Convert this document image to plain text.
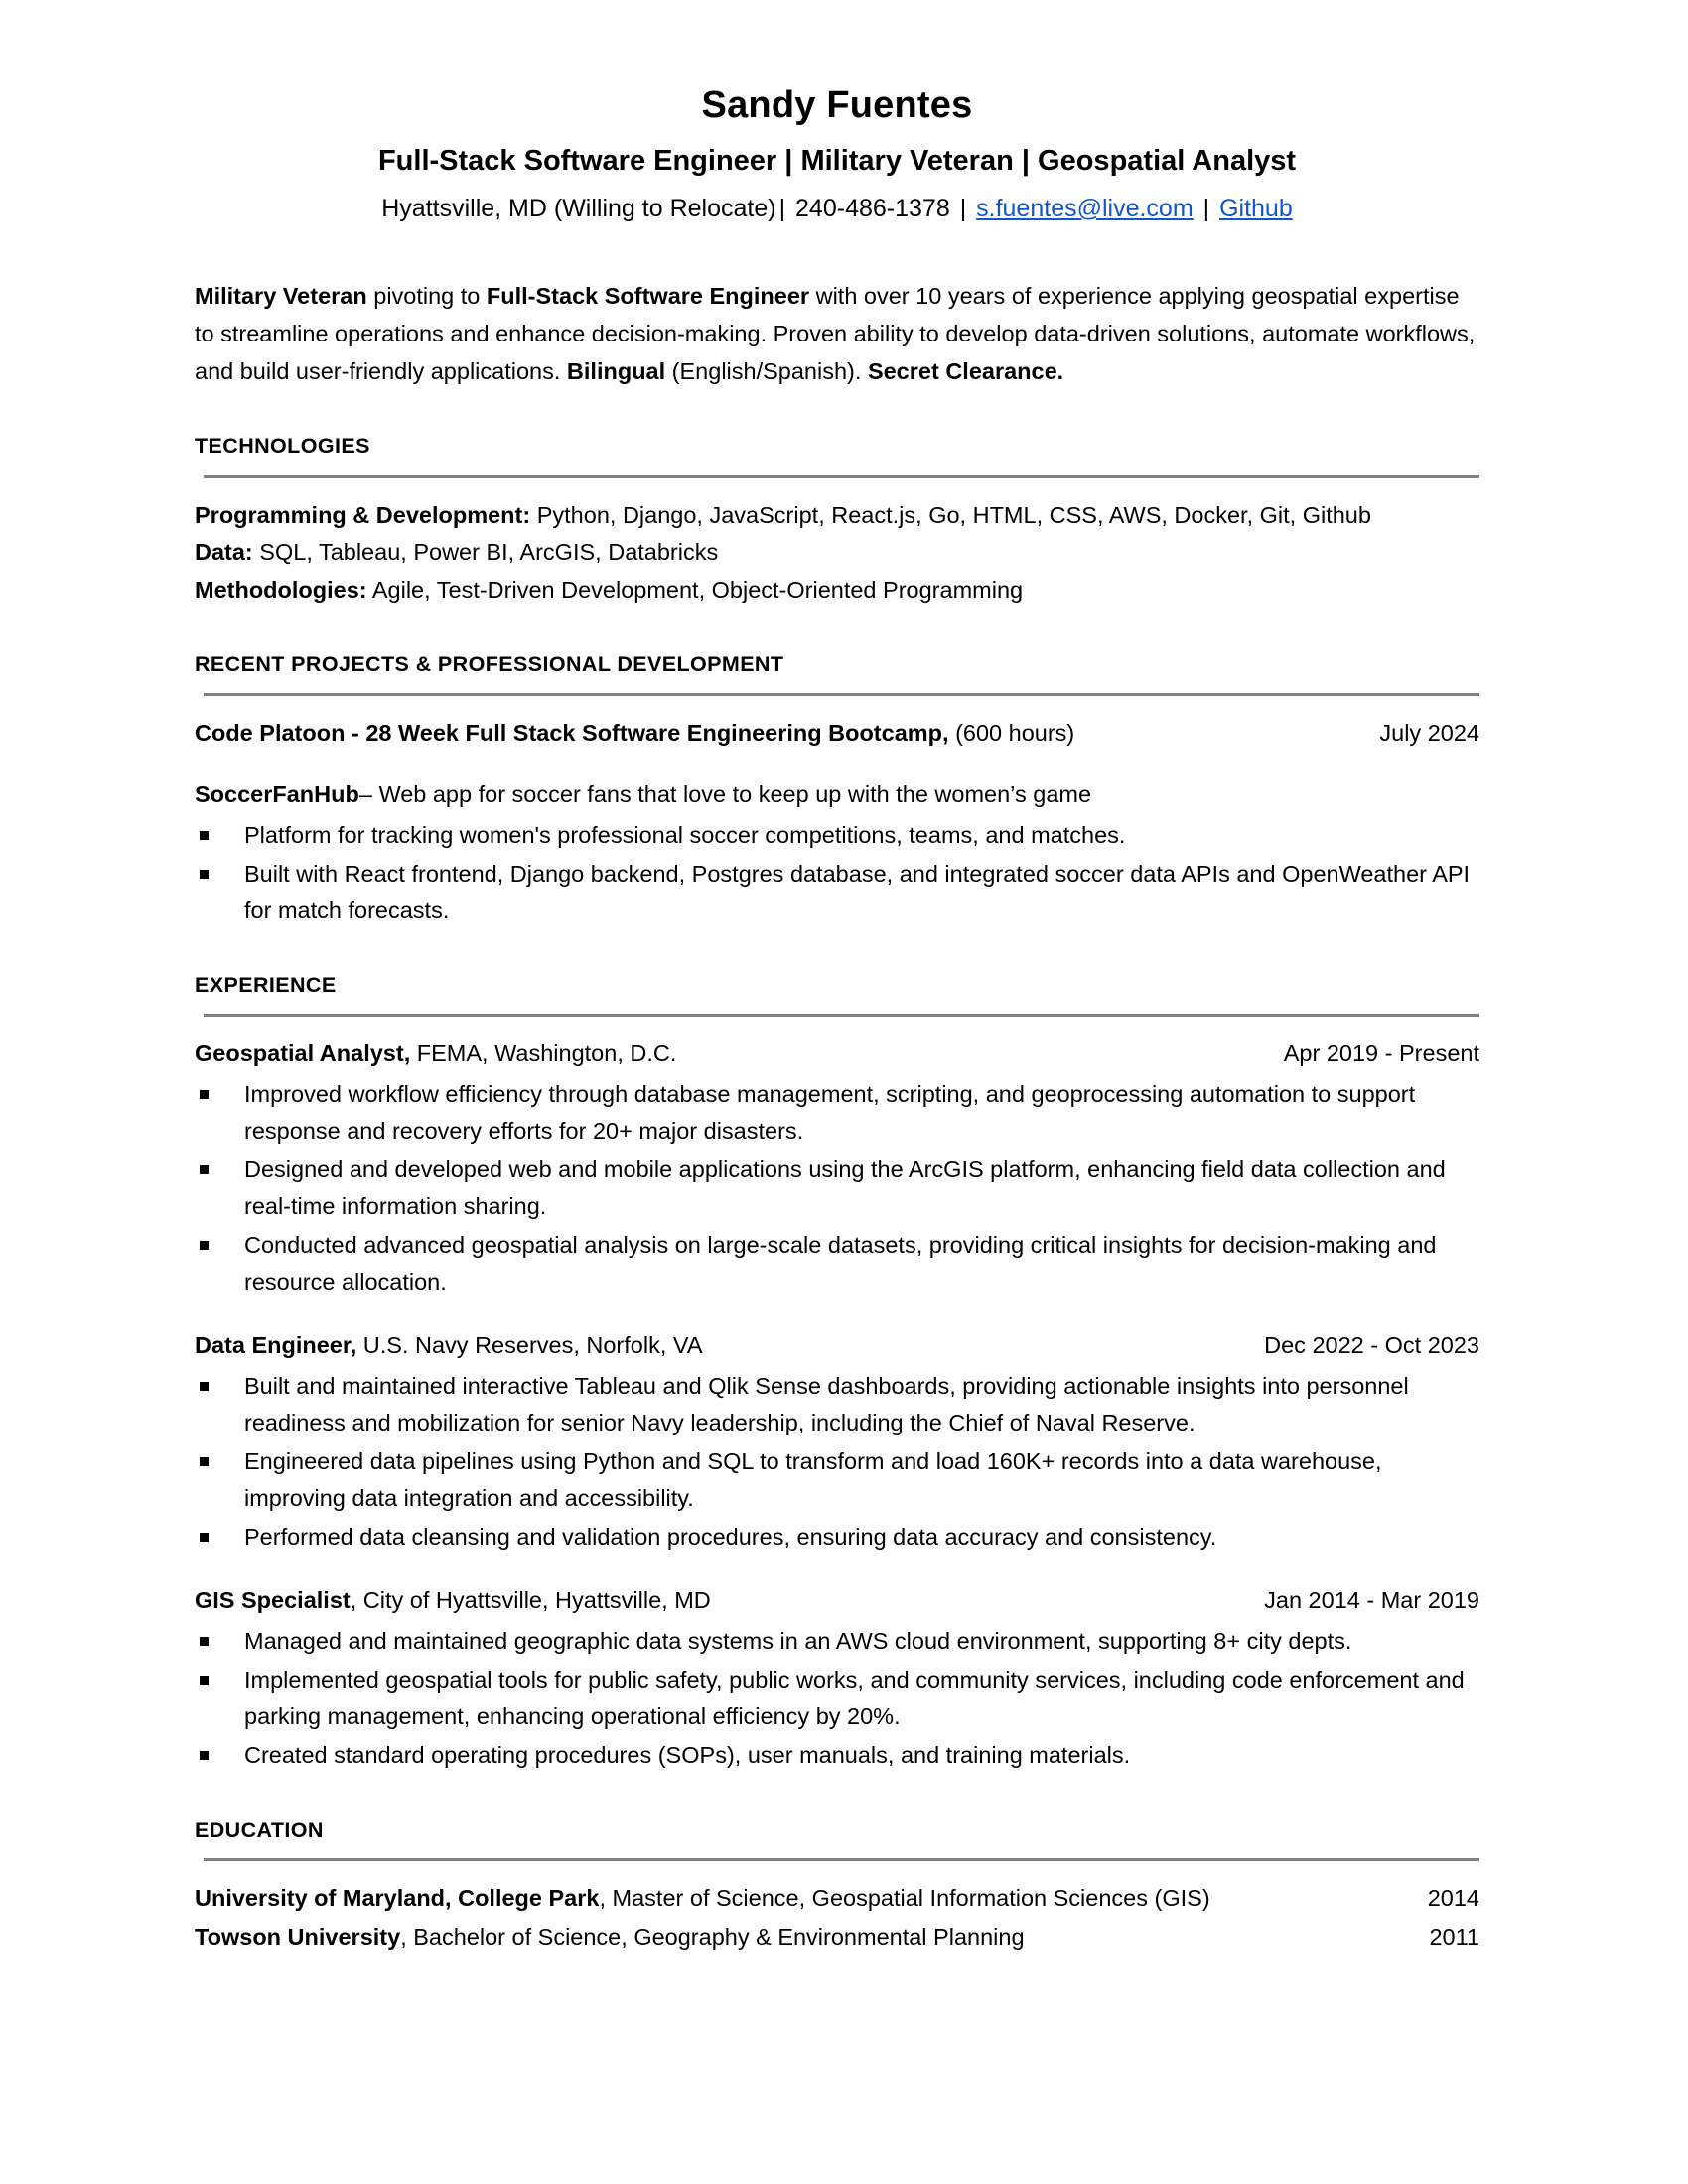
Sandy Fuentes
Full-Stack Software Engineer | Military Veteran | Geospatial Analyst
Hyattsville, MD (Willing to Relocate) | 240-486-1378 | s.fuentes@live.com | Github
Military Veteran pivoting to Full-Stack Software Engineer with over 10 years of experience applying geospatial expertise to streamline operations and enhance decision-making. Proven ability to develop data-driven solutions, automate workflows, and build user-friendly applications. Bilingual (English/Spanish). Secret Clearance.
TECHNOLOGIES
Programming & Development: Python, Django, JavaScript, React.js, Go, HTML, CSS, AWS, Docker, Git, Github
Data: SQL, Tableau, Power BI, ArcGIS, Databricks
Methodologies: Agile, Test-Driven Development, Object-Oriented Programming
RECENT PROJECTS & PROFESSIONAL DEVELOPMENT
Code Platoon - 28 Week Full Stack Software Engineering Bootcamp, (600 hours)	July 2024
SoccerFanHub– Web app for soccer fans that love to keep up with the women’s game
Platform for tracking women's professional soccer competitions, teams, and matches.
Built with React frontend, Django backend, Postgres database, and integrated soccer data APIs and OpenWeather API for match forecasts.
EXPERIENCE
Geospatial Analyst, FEMA, Washington, D.C.	Apr 2019 - Present
Improved workflow efficiency through database management, scripting, and geoprocessing automation to support response and recovery efforts for 20+ major disasters.
Designed and developed web and mobile applications using the ArcGIS platform, enhancing field data collection and real-time information sharing.
Conducted advanced geospatial analysis on large-scale datasets, providing critical insights for decision-making and resource allocation.
Data Engineer, U.S. Navy Reserves, Norfolk, VA	Dec 2022 - Oct 2023
Built and maintained interactive Tableau and Qlik Sense dashboards, providing actionable insights into personnel readiness and mobilization for senior Navy leadership, including the Chief of Naval Reserve.
Engineered data pipelines using Python and SQL to transform and load 160K+ records into a data warehouse, improving data integration and accessibility.
Performed data cleansing and validation procedures, ensuring data accuracy and consistency.
GIS Specialist, City of Hyattsville, Hyattsville, MD	Jan 2014 - Mar 2019
Managed and maintained geographic data systems in an AWS cloud environment, supporting 8+ city depts.
Implemented geospatial tools for public safety, public works, and community services, including code enforcement and parking management, enhancing operational efficiency by 20%.
Created standard operating procedures (SOPs), user manuals, and training materials.
EDUCATION
University of Maryland, College Park, Master of Science, Geospatial Information Sciences (GIS)	2014
Towson University, Bachelor of Science, Geography & Environmental Planning	2011
